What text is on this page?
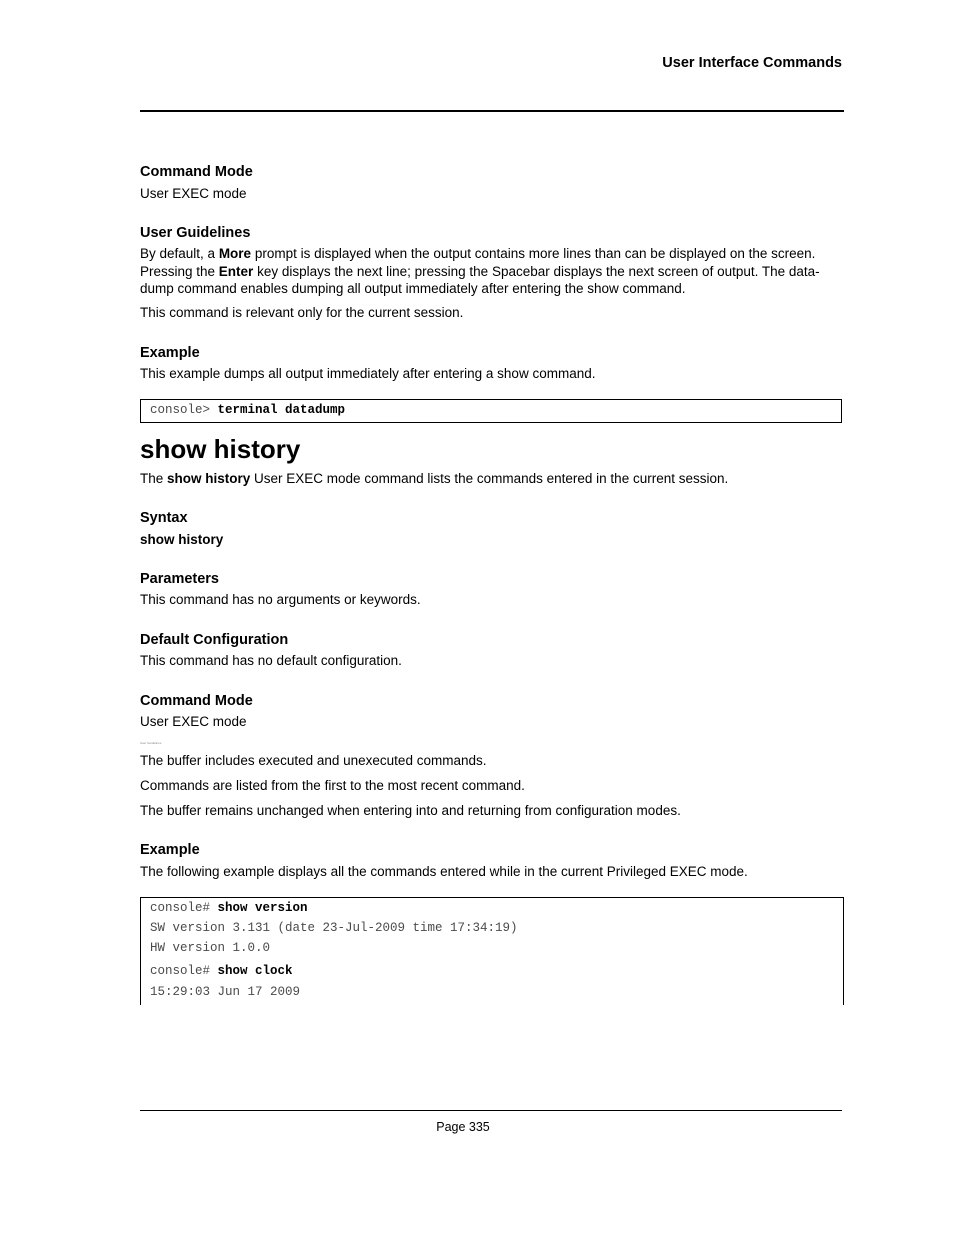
User Interface Commands
Command Mode
User EXEC mode
User Guidelines
By default, a More prompt is displayed when the output contains more lines than can be displayed on the screen. Pressing the Enter key displays the next line; pressing the Spacebar displays the next screen of output. The data-dump command enables dumping all output immediately after entering the show command.
This command is relevant only for the current session.
Example
This example dumps all output immediately after entering a show command.
console> terminal datadump
show history
The show history User EXEC mode command lists the commands entered in the current session.
Syntax
show history
Parameters
This command has no arguments or keywords.
Default Configuration
This command has no default configuration.
Command Mode
User EXEC mode
User Guidelines
The buffer includes executed and unexecuted commands.
Commands are listed from the first to the most recent command.
The buffer remains unchanged when entering into and returning from configuration modes.
Example
The following example displays all the commands entered while in the current Privileged EXEC mode.
console# show version
SW version 3.131 (date 23-Jul-2009 time 17:34:19)
HW version 1.0.0
console# show clock
15:29:03 Jun 17 2009
Page 335
